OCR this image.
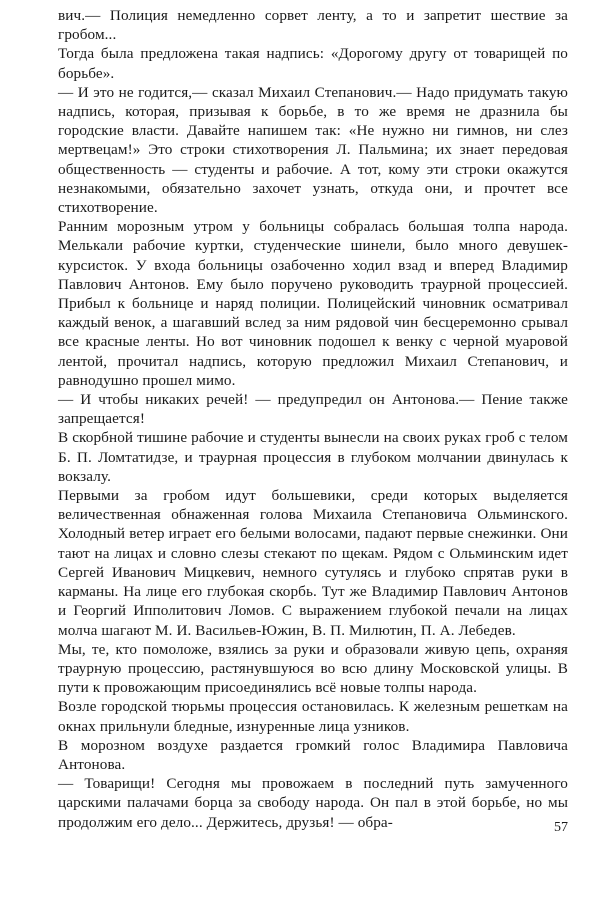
вич.— Полиция немедленно сорвет ленту, а то и запретит шествие за гробом...

Тогда была предложена такая надпись: «Дорогому другу от товарищей по борьбе».

— И это не годится,— сказал Михаил Степанович.— Надо придумать такую надпись, которая, призывая к борьбе, в то же время не дразнила бы городские власти. Давайте напишем так: «Не нужно ни гимнов, ни слез мертвецам!» Это строки стихотворения Л. Пальмина; их знает передовая общественность — студенты и рабочие. А тот, кому эти строки окажутся незнакомыми, обязательно захочет узнать, откуда они, и прочтет все стихотворение.

Ранним морозным утром у больницы собралась большая толпа народа. Мелькали рабочие куртки, студенческие шинели, было много девушек-курсисток. У входа больницы озабоченно ходил взад и вперед Владимир Павлович Антонов. Ему было поручено руководить траурной процессией. Прибыл к больнице и наряд полиции. Полицейский чиновник осматривал каждый венок, а шагавший вслед за ним рядовой чин бесцеремонно срывал все красные ленты. Но вот чиновник подошел к венку с черной муаровой лентой, прочитал надпись, которую предложил Михаил Степанович, и равнодушно прошел мимо.

— И чтобы никаких речей! — предупредил он Антонова.— Пение также запрещается!

В скорбной тишине рабочие и студенты вынесли на своих руках гроб с телом Б. П. Ломтатидзе, и траурная процессия в глубоком молчании двинулась к вокзалу.

Первыми за гробом идут большевики, среди которых выделяется величественная обнаженная голова Михаила Степановича Ольминского. Холодный ветер играет его белыми волосами, падают первые снежинки. Они тают на лицах и словно слезы стекают по щекам. Рядом с Ольминским идет Сергей Иванович Мицкевич, немного сутулясь и глубоко спрятав руки в карманы. На лице его глубокая скорбь. Тут же Владимир Павлович Антонов и Георгий Ипполитович Ломов. С выражением глубокой печали на лицах молча шагают М. И. Васильев-Южин, В. П. Милютин, П. А. Лебедев.

Мы, те, кто помоложе, взялись за руки и образовали живую цепь, охраняя траурную процессию, растянувшуюся во всю длину Московской улицы. В пути к провожающим присоединялись всё новые толпы народа.

Возле городской тюрьмы процессия остановилась. К железным решеткам на окнах прильнули бледные, изнуренные лица узников.

В морозном воздухе раздается громкий голос Владимира Павловича Антонова.

— Товарищи! Сегодня мы провожаем в последний путь замученного царскими палачами борца за свободу народа. Он пал в этой борьбе, но мы продолжим его дело... Держитесь, друзья! — обра-	57
